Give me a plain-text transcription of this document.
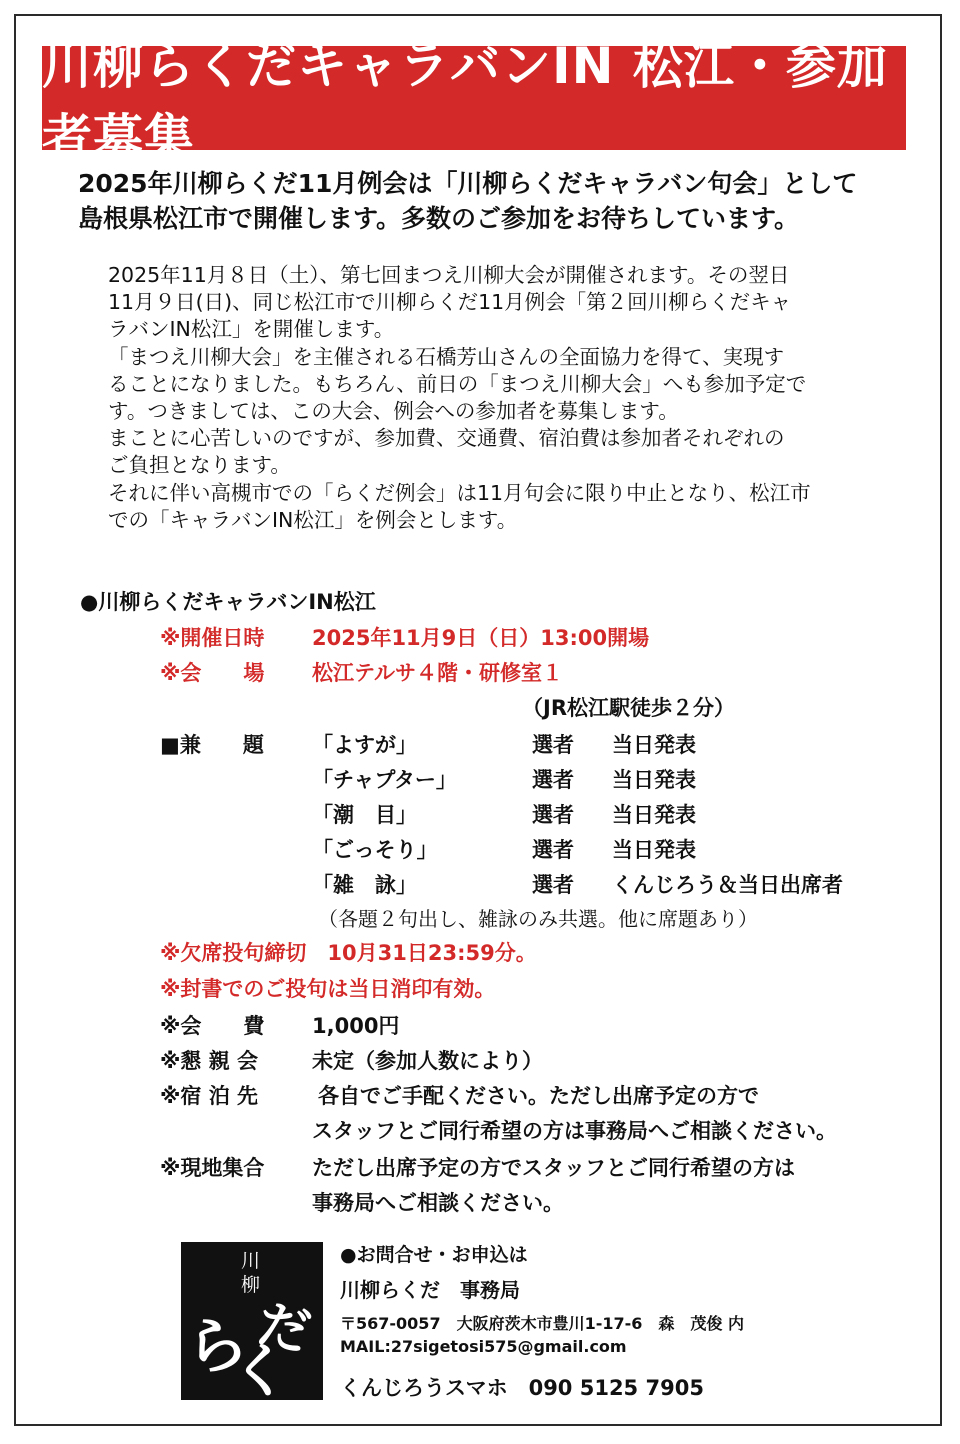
川柳らくだキャラバンIN 松江・参加者募集
2025年川柳らくだ11月例会は「川柳らくだキャラバン句会」として
島根県松江市で開催します。多数のご参加をお待ちしています。
2025年11月８日（土）、第七回まつえ川柳大会が開催されます。その翌日
11月９日(日)、同じ松江市で川柳らくだ11月例会「第２回川柳らくだキャ
ラバンIN松江」を開催します。
「まつえ川柳大会」を主催される石橋芳山さんの全面協力を得て、実現す
ることになりました。もちろん、前日の「まつえ川柳大会」へも参加予定で
す。つきましては、この大会、例会への参加者を募集します。
まことに心苦しいのですが、参加費、交通費、宿泊費は参加者それぞれの
ご負担となります。
それに伴い高槻市での「らくだ例会」は11月句会に限り中止となり、松江市
での「キャラバンIN松江」を例会とします。
●川柳らくだキャラバンIN松江
※開催日時 2025年11月9日（日）13:00開場
※会　　場 松江テルサ４階・研修室１
（JR松江駅徒歩２分）
■兼　　題 「よすが」	選者 当日発表
「チャプター」	選者 当日発表
「潮　目」	選者 当日発表
「ごっそり」	選者 当日発表
「雑　詠」	選者 くんじろう＆当日出席者
（各題２句出し、雑詠のみ共選。他に席題あり）
※欠席投句締切　10月31日23:59分。
※封書でのご投句は当日消印有効。
※会　　費 1,000円
※懇 親 会	未定（参加人数により）
※宿 泊 先	各自でご手配ください。ただし出席予定の方で
スタッフとご同行希望の方は事務局へご相談ください。
※現地集合 ただし出席予定の方でスタッフとご同行希望の方は
事務局へご相談ください。
川
柳
ら
く
だ
●お問合せ・お申込は
川柳らくだ　事務局
〒567-0057　大阪府茨木市豊川1-17-6　森　茂俊 内
MAIL:27sigetosi575@gmail.com
くんじろうスマホ　090 5125 7905
